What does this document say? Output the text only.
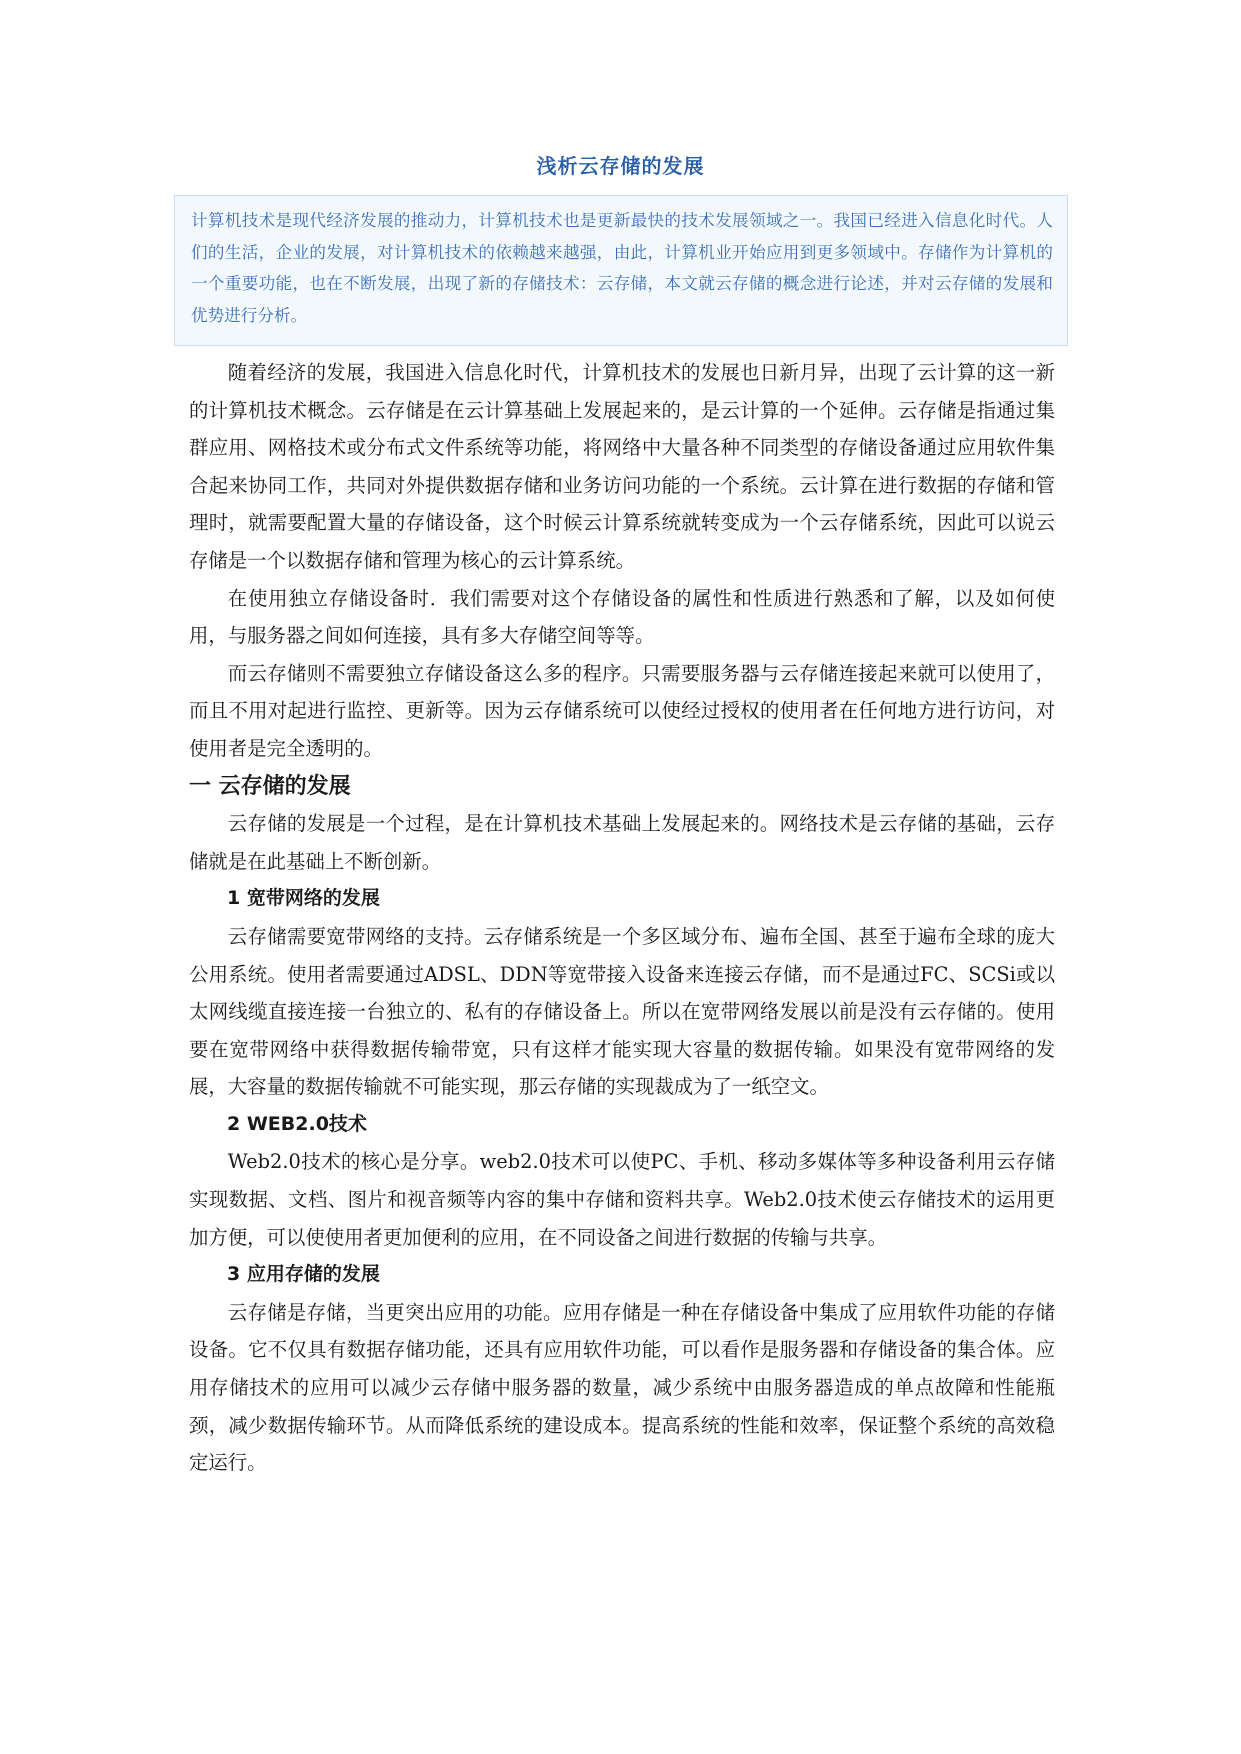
浅析云存储的发展
计算机技术是现代经济发展的推动力，计算机技术也是更新最快的技术发展领域之一。我国已经进入信息化时代。人们的生活，企业的发展，对计算机技术的依赖越来越强，由此，计算机业开始应用到更多领域中。存储作为计算机的一个重要功能，也在不断发展，出现了新的存储技术：云存储，本文就云存储的概念进行论述，并对云存储的发展和优势进行分析。

随着经济的发展，我国进入信息化时代，计算机技术的发展也日新月异，出现了云计算的这一新的计算机技术概念。云存储是在云计算基础上发展起来的，是云计算的一个延伸。云存储是指通过集群应用、网格技术或分布式文件系统等功能，将网络中大量各种不同类型的存储设备通过应用软件集合起来协同工作，共同对外提供数据存储和业务访问功能的一个系统。云计算在进行数据的存储和管理时，就需要配置大量的存储设备，这个时候云计算系统就转变成为一个云存储系统，因此可以说云存储是一个以数据存储和管理为核心的云计算系统。

在使用独立存储设备时．我们需要对这个存储设备的属性和性质进行熟悉和了解，以及如何使用，与服务器之间如何连接，具有多大存储空间等等。

而云存储则不需要独立存储设备这么多的程序。只需要服务器与云存储连接起来就可以使用了，而且不用对起进行监控、更新等。因为云存储系统可以使经过授权的使用者在任何地方进行访问，对使用者是完全透明的。

一 云存储的发展

云存储的发展是一个过程，是在计算机技术基础上发展起来的。网络技术是云存储的基础，云存储就是在此基础上不断创新。

1 宽带网络的发展

云存储需要宽带网络的支持。云存储系统是一个多区域分布、遍布全国、甚至于遍布全球的庞大公用系统。使用者需要通过ADSL、DDN等宽带接入设备来连接云存储，而不是通过FC、SCSi或以太网线缆直接连接一台独立的、私有的存储设备上。所以在宽带网络发展以前是没有云存储的。使用要在宽带网络中获得数据传输带宽，只有这样才能实现大容量的数据传输。如果没有宽带网络的发展，大容量的数据传输就不可能实现，那云存储的实现裁成为了一纸空文。

2 WEB2.0技术

Web2.0技术的核心是分享。web2.0技术可以使PC、手机、移动多媒体等多种设备利用云存储实现数据、文档、图片和视音频等内容的集中存储和资料共享。Web2.0技术使云存储技术的运用更加方便，可以使使用者更加便利的应用，在不同设备之间进行数据的传输与共享。

3 应用存储的发展

云存储是存储，当更突出应用的功能。应用存储是一种在存储设备中集成了应用软件功能的存储设备。它不仅具有数据存储功能，还具有应用软件功能，可以看作是服务器和存储设备的集合体。应用存储技术的应用可以减少云存储中服务器的数量，减少系统中由服务器造成的单点故障和性能瓶颈，减少数据传输环节。从而降低系统的建设成本。提高系统的性能和效率，保证整个系统的高效稳定运行。
